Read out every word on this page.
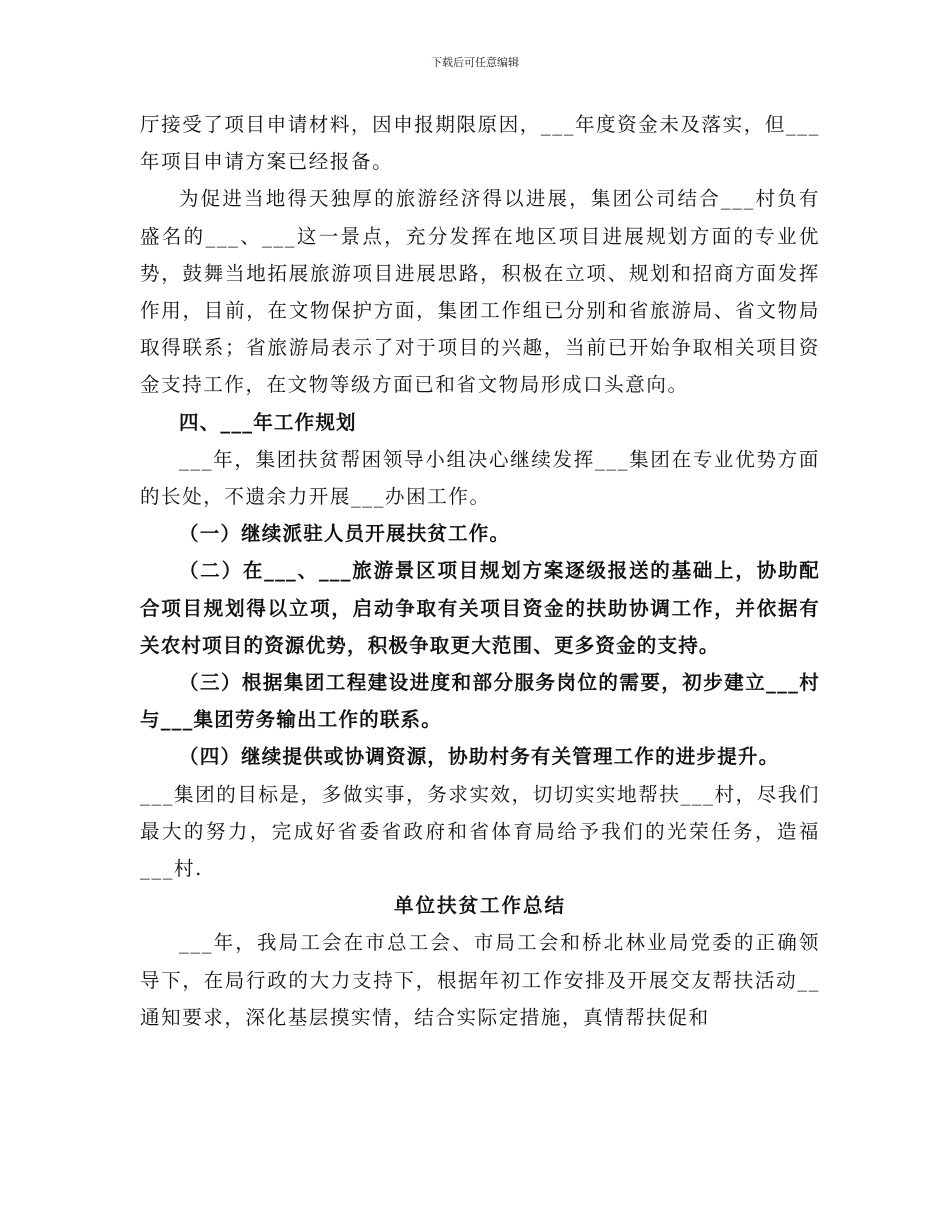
下载后可任意编辑

厅接受了项目申请材料，因申报期限原因，___年度资金未及落实，但___年项目申请方案已经报备。

为促进当地得天独厚的旅游经济得以进展，集团公司结合___村负有盛名的___、___这一景点，充分发挥在地区项目进展规划方面的专业优势，鼓舞当地拓展旅游项目进展思路，积极在立项、规划和招商方面发挥作用，目前，在文物保护方面，集团工作组已分别和省旅游局、省文物局取得联系；省旅游局表示了对于项目的兴趣，当前已开始争取相关项目资金支持工作，在文物等级方面已和省文物局形成口头意向。

四、___年工作规划

___年，集团扶贫帮困领导小组决心继续发挥___集团在专业优势方面的长处，不遗余力开展___办困工作。

（一）继续派驻人员开展扶贫工作。

（二）在___、___旅游景区项目规划方案逐级报送的基础上，协助配合项目规划得以立项，启动争取有关项目资金的扶助协调工作，并依据有关农村项目的资源优势，积极争取更大范围、更多资金的支持。

（三）根据集团工程建设进度和部分服务岗位的需要，初步建立___村与___集团劳务输出工作的联系。

（四）继续提供或协调资源，协助村务有关管理工作的进步提升。

___集团的目标是，多做实事，务求实效，切切实实地帮扶___村，尽我们最大的努力，完成好省委省政府和省体育局给予我们的光荣任务，造福___村.

单位扶贫工作总结

___年，我局工会在市总工会、市局工会和桥北林业局党委的正确领导下，在局行政的大力支持下，根据年初工作安排及开展交友帮扶活动__通知要求，深化基层摸实情，结合实际定措施，真情帮扶促和
